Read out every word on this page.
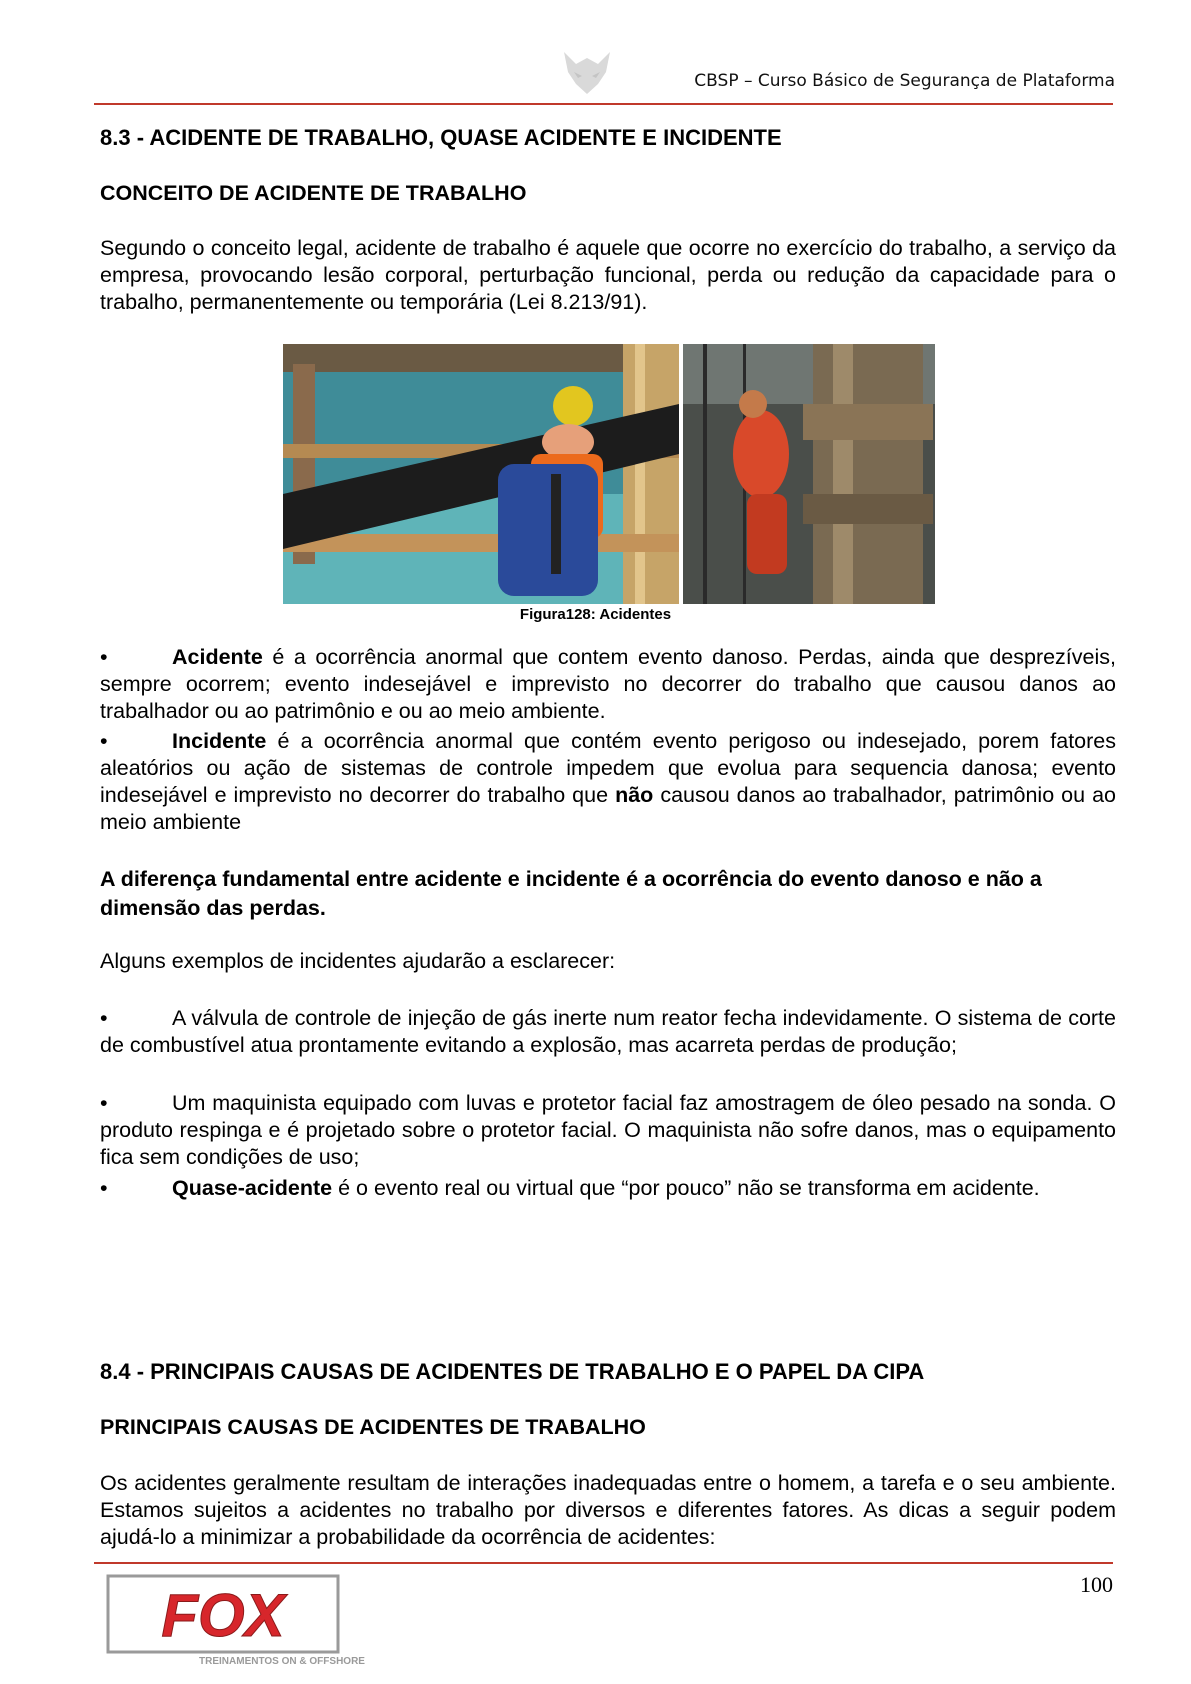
CBSP – Curso Básico de Segurança de Plataforma
8.3 - ACIDENTE DE TRABALHO, QUASE ACIDENTE E INCIDENTE
CONCEITO DE ACIDENTE DE TRABALHO

Segundo o conceito legal, acidente de trabalho é aquele que ocorre no exercício do trabalho, a serviço da empresa, provocando lesão corporal, perturbação funcional, perda ou redução da capacidade para o trabalho, permanentemente ou temporária (Lei 8.213/91).

Figura128: Acidentes

•	Acidente é a ocorrência anormal que contem evento danoso. Perdas, ainda que desprezíveis, sempre ocorrem; evento indesejável e imprevisto no decorrer do trabalho que causou danos ao trabalhador ou ao patrimônio e ou ao meio ambiente.

•	Incidente é a ocorrência anormal que contém evento perigoso ou indesejado, porem fatores aleatórios ou ação de sistemas de controle impedem que evolua para sequencia danosa; evento indesejável e imprevisto no decorrer do trabalho que não causou danos ao trabalhador, patrimônio ou ao meio ambiente

A diferença fundamental entre acidente e incidente é a ocorrência do evento danoso e não a dimensão das perdas.

Alguns exemplos de incidentes ajudarão a esclarecer:

•	A válvula de controle de injeção de gás inerte num reator fecha indevidamente. O sistema de corte de combustível atua prontamente evitando a explosão, mas acarreta perdas de produção;

•	Um maquinista equipado com luvas e protetor facial faz amostragem de óleo pesado na sonda. O produto respinga e é projetado sobre o protetor facial. O maquinista não sofre danos, mas o equipamento fica sem condições de uso;

•	Quase-acidente é o evento real ou virtual que “por pouco” não se transforma em acidente.

8.4 - PRINCIPAIS CAUSAS DE ACIDENTES DE TRABALHO E O PAPEL DA CIPA
PRINCIPAIS CAUSAS DE ACIDENTES DE TRABALHO

Os acidentes geralmente resultam de interações inadequadas entre o homem, a tarefa e o seu ambiente. Estamos sujeitos a acidentes no trabalho por diversos e diferentes fatores. As dicas a seguir podem ajudá-lo a minimizar a probabilidade da ocorrência de acidentes:

FOX
TREINAMENTOS ON & OFFSHORE
100
